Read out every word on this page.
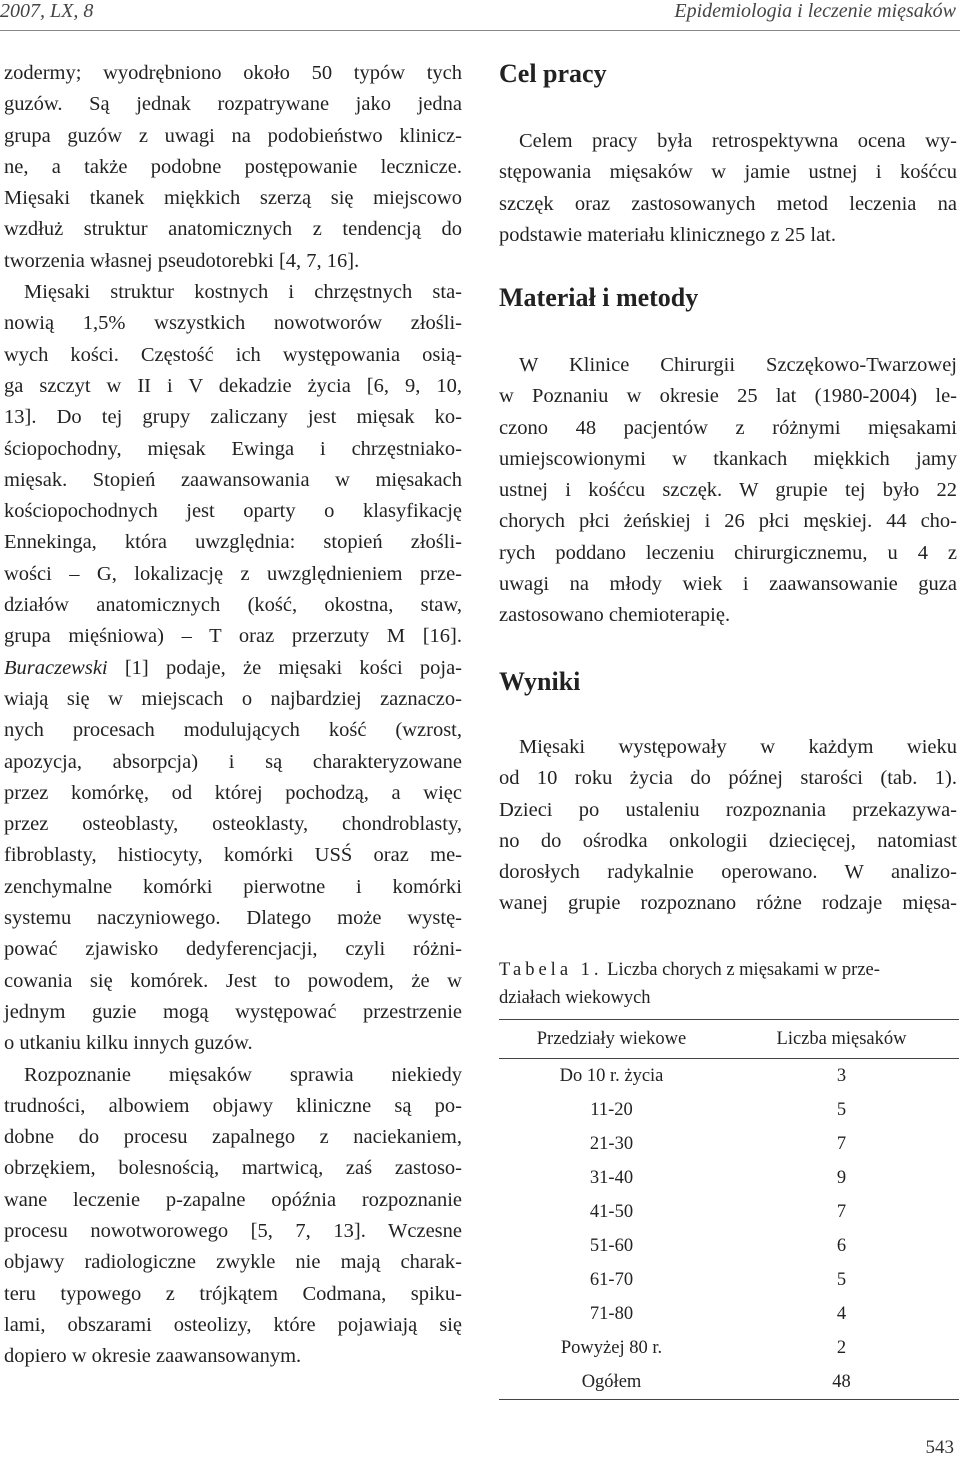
2007, LX, 8	Epidemiologia i leczenie mięsaków
zodermy; wyodrębniono około 50 typów tych
guzów. Są jednak rozpatrywane jako jedna
grupa guzów z uwagi na podobieństwo klinicz-
ne, a także podobne postępowanie lecznicze.
Mięsaki tkanek miękkich szerzą się miejscowo
wzdłuż struktur anatomicznych z tendencją do
tworzenia własnej pseudotorebki [4, 7, 16].
Mięsaki struktur kostnych i chrzęstnych sta-
nowią 1,5% wszystkich nowotworów złośli-
wych kości. Częstość ich występowania osią-
ga szczyt w II i V dekadzie życia [6, 9, 10,
13]. Do tej grupy zaliczany jest mięsak ko-
ściopochodny, mięsak Ewinga i chrzęstniako-
mięsak. Stopień zaawansowania w mięsakach
kościopochodnych jest oparty o klasyfikację
Ennekinga, która uwzględnia: stopień złośli-
wości – G, lokalizację z uwzględnieniem prze-
działów anatomicznych (kość, okostna, staw,
grupa mięśniowa) – T oraz przerzuty M [16].
Buraczewski [1] podaje, że mięsaki kości poja-
wiają się w miejscach o najbardziej zaznaczo-
nych procesach modulujących kość (wzrost,
apozycja, absorpcja) i są charakteryzowane
przez komórkę, od której pochodzą, a więc
przez osteoblasty, osteoklasty, chondroblasty,
fibroblasty, histiocyty, komórki USŚ oraz me-
zenchymalne komórki pierwotne i komórki
systemu naczyniowego. Dlatego może wystę-
pować zjawisko dedyferencjacji, czyli różni-
cowania się komórek. Jest to powodem, że w
jednym guzie mogą występować przestrzenie
o utkaniu kilku innych guzów.
Rozpoznanie mięsaków sprawia niekiedy
trudności, albowiem objawy kliniczne są po-
dobne do procesu zapalnego z naciekaniem,
obrzękiem, bolesnością, martwicą, zaś zastoso-
wane leczenie p-zapalne opóźnia rozpoznanie
procesu nowotworowego [5, 7, 13]. Wczesne
objawy radiologiczne zwykle nie mają charak-
teru typowego z trójkątem Codmana, spiku-
lami, obszarami osteolizy, które pojawiają się
dopiero w okresie zaawansowanym.
Cel pracy
Celem pracy była retrospektywna ocena wy-
stępowania mięsaków w jamie ustnej i kośćcu
szczęk oraz zastosowanych metod leczenia na
podstawie materiału klinicznego z 25 lat.
Materiał i metody
W Klinice Chirurgii Szczękowo-Twarzowej
w Poznaniu w okresie 25 lat (1980-2004) le-
czono 48 pacjentów z różnymi mięsakami
umiejscowionymi w tkankach miękkich jamy
ustnej i kośćcu szczęk. W grupie tej było 22
chorych płci żeńskiej i 26 płci męskiej. 44 cho-
rych poddano leczeniu chirurgicznemu, u 4 z
uwagi na młody wiek i zaawansowanie guza
zastosowano chemioterapię.
Wyniki
Mięsaki występowały w każdym wieku
od 10 roku życia do późnej starości (tab. 1).
Dzieci po ustaleniu rozpoznania przekazywa-
no do ośrodka onkologii dziecięcej, natomiast
dorosłych radykalnie operowano. W analizo-
wanej grupie rozpoznano różne rodzaje mięsa-
Tabela 1. Liczba chorych z mięsakami w prze-
działach wiekowych
Przedziały wiekowe	Liczba mięsaków
Do 10 r. życia	3
11-20	5
21-30	7
31-40	9
41-50	7
51-60	6
61-70	5
71-80	4
Powyżej 80 r.	2
Ogółem	48
543
